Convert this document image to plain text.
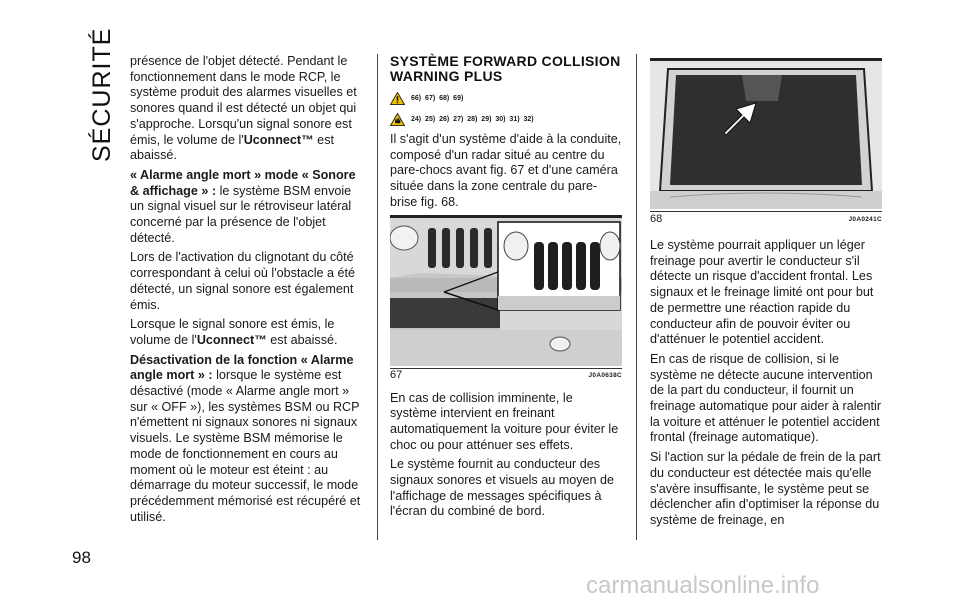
SÉCURITÉ présence de l'objet détecté. Pendant le fonctionnement dans le mode RCP, le système produit des alarmes visuelles et sonores quand il est détecté un objet qui s'approche. Lorsqu'un signal sonore est émis, le volume de l'Uconnect™ est abaissé.

« Alarme angle mort » mode « Sonore & affichage » : le système BSM envoie un signal visuel sur le rétroviseur latéral concerné par la présence de l'objet détecté.

Lors de l'activation du clignotant du côté correspondant à celui où l'obstacle a été détecté, un signal sonore est également émis.

Lorsque le signal sonore est émis, le volume de l'Uconnect™ est abaissé.

Désactivation de la fonction « Alarme angle mort » : lorsque le système est désactivé (mode « Alarme angle mort » sur « OFF »), les systèmes BSM ou RCP n'émettent ni signaux sonores ni signaux visuels. Le système BSM mémorise le mode de fonctionnement en cours au moment où le moteur est éteint : au démarrage du moteur successif, le mode précédemment mémorisé est récupéré et utilisé.

SYSTÈME FORWARD COLLISION WARNING PLUS
66) 67) 68) 69)
24) 25) 26) 27) 28) 29) 30) 31) 32)

Il s'agit d'un système d'aide à la conduite, composé d'un radar situé au centre du pare-chocs avant fig. 67 et d'une caméra située dans la zone centrale du pare-brise fig. 68.

67	J0A0638C

En cas de collision imminente, le système intervient en freinant automatiquement la voiture pour éviter le choc ou pour atténuer ses effets.

Le système fournit au conducteur des signaux sonores et visuels au moyen de l'affichage de messages spécifiques à l'écran du combiné de bord.

68	J0A0241C

Le système pourrait appliquer un léger freinage pour avertir le conducteur s'il détecte un risque d'accident frontal. Les signaux et le freinage limité ont pour but de permettre une réaction rapide du conducteur afin de pouvoir éviter ou d'atténuer le potentiel accident.

En cas de risque de collision, si le système ne détecte aucune intervention de la part du conducteur, il fournit un freinage automatique pour aider à ralentir la voiture et atténuer le potentiel accident frontal (freinage automatique).

Si l'action sur la pédale de frein de la part du conducteur est détectée mais qu'elle s'avère insuffisante, le système peut se déclencher afin d'optimiser la réponse du système de freinage, en

98
carmanualsonline.info
